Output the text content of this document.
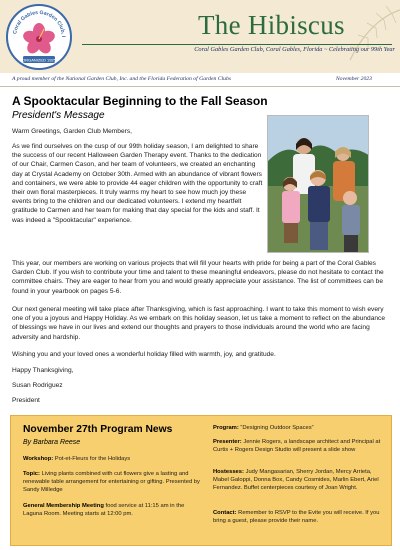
Coral Gables Garden Club, I
ORGANIZED 1925
The Hibiscus
Coral Gables Garden Club, Coral Gables, Florida ~ Celebrating our 99th Year
A proud member of the National Garden Club, Inc. and the Florida Federation of Garden Clubs	November 2023
A Spooktacular Beginning to the Fall Season
President's Message
Warm Greetings, Garden Club Members,
As we find ourselves on the cusp of our 99th holiday season, I am delighted to share the success of our recent Halloween Garden Therapy event. Thanks to the dedication of our Chair, Carmen Cason, and her team of volunteers, we created an enchanting day at Crystal Academy on October 30th. Armed with an abundance of vibrant flowers and containers, we were able to provide 44 eager children with the opportunity to craft their own floral masterpieces. It truly warms my heart to see how much joy these events bring to the children and our dedicated volunteers. I extend my heartfelt gratitude to Carmen and her team for making that day special for the kids and staff. It was indeed a "Spooktacular" experience.
This year, our members are working on various projects that will fill your hearts with pride for being a part of the Coral Gables Garden Club. If you wish to contribute your time and talent to these meaningful endeavors, please do not hesitate to contact the committee chairs. They are eager to hear from you and would greatly appreciate your assistance. The list of committees can be found in your yearbook on pages 5-6.
Our next general meeting will take place after Thanksgiving, which is fast approaching. I want to take this moment to wish every one of you a joyous and Happy Holiday. As we embark on this holiday season, let us take a moment to reflect on the abundance of blessings we have in our lives and extend our thoughts and prayers to those individuals around the world who are facing adversity and hardship.
Wishing you and your loved ones a wonderful holiday filled with warmth, joy, and gratitude.
Happy Thanksgiving,
Susan Rodriguez
President
November 27th Program News
By Barbara Reese
Workshop: Pot-et-Fleurs for the Holidays
Topic: Living plants combined with cut flowers give a lasting and renewable table arrangement for entertaining or gifting. Presented by Sandy Milledge
General Membership Meeting food service at 11:15 am in the Laguna Room. Meeting starts at 12:00 pm.
Program: “Designing Outdoor Spaces”
Presenter: Jennie Rogers, a landscape architect and Principal at Curtis + Rogers Design Studio will present a slide show
Hostesses: Judy Mangasarian, Sherry Jordan, Mercy Arrieta, Mabel Galoppi, Donna Box, Candy Cosmides, Marlin Ebert, Ariel Fernandez. Buffet centerpieces courtesy of Joan Wright.
Contact: Remember to RSVP to the Evite you will receive. If you bring a guest, please provide their name.
